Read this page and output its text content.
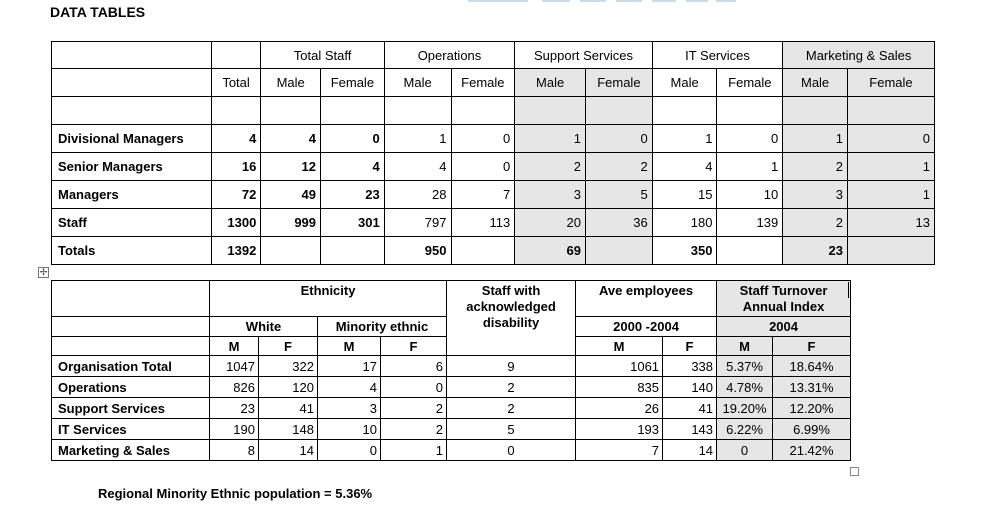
DATA TABLES
		Total Staff		Operations		Support Services		IT Services		Marketing & Sales	
	Total	Male	Female	Male	Female	Male	Female	Male	Female	Male	Female

Divisional Managers	4	4	0	1	0	1	0	1	0	1	0
Senior Managers	16	12	4	4	0	2	2	4	1	2	1
Managers	72	49	23	28	7	3	5	15	10	3	1
Staff	1300	999	301	797	113	20	36	180	139	2	13
Totals	1392			950		69		350		23	
✢
	Ethnicity				Staff with acknowledged disability	Ave employees		Staff Turnover Annual Index	
	White		Minority ethnic			2000 -2004		2004	
	M	F	M	F		M	F	M	F
Organisation Total	1047	322	17	6	9	1061	338	5.37%	18.64%
Operations	826	120	4	0	2	835	140	4.78%	13.31%
Support Services	23	41	3	2	2	26	41	19.20%	12.20%
IT Services	190	148	10	2	5	193	143	6.22%	6.99%
Marketing & Sales	8	14	0	1	0	7	14	0	21.42%
Regional Minority Ethnic population = 5.36%
